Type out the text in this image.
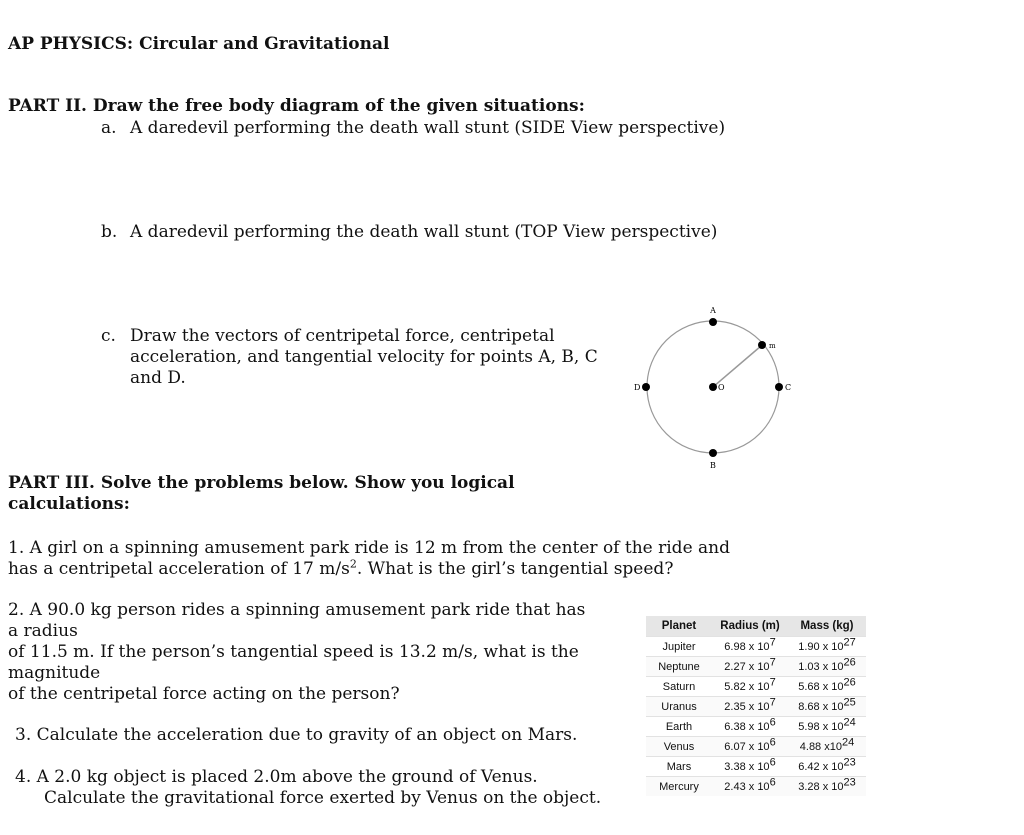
AP PHYSICS: Circular and Gravitational
PART II. Draw the free body diagram of the given situations:
a. A daredevil performing the death wall stunt (SIDE View perspective)
b. A daredevil performing the death wall stunt (TOP View perspective)
c. Draw the vectors of centripetal force, centripetal
acceleration, and tangential velocity for points A, B, C
and D.
A
B
C
D	O
m
PART III. Solve the problems below. Show you logical
calculations:
1. A girl on a spinning amusement park ride is 12 m from the center of the ride and
has a centripetal acceleration of 17 $m/s^2$. What is the girl’s tangential speed?
2. A 90.0 kg person rides a spinning amusement park ride that has
a radius
of 11.5 m. If the person’s tangential speed is 13.2 m/s, what is the
magnitude
of the centripetal force acting on the person?
3. Calculate the acceleration due to gravity of an object on Mars.
4. A 2.0 kg object is placed 2.0m above the ground of Venus.
Calculate the gravitational force exerted by Venus on the object.
Planet	Radius (m)	Mass (kg)
Jupiter	6.98 x $10^7$	1.90 x $10^{27}$
Neptune	2.27 x $10^7$	1.03 x $10^{26}$
Saturn	5.82 x $10^7$	5.68 x $10^{26}$
Uranus	2.35 x $10^7$	8.68 x $10^{25}$
Earth	6.38 x $10^6$	5.98 x $10^{24}$
Venus	6.07 x $10^6$	4.88 $x10^{24}$
Mars	3.38 x $10^6$	6.42 x $10^{23}$
Mercury	2.43 x $10^6$	3.28 x $10^{23}$
